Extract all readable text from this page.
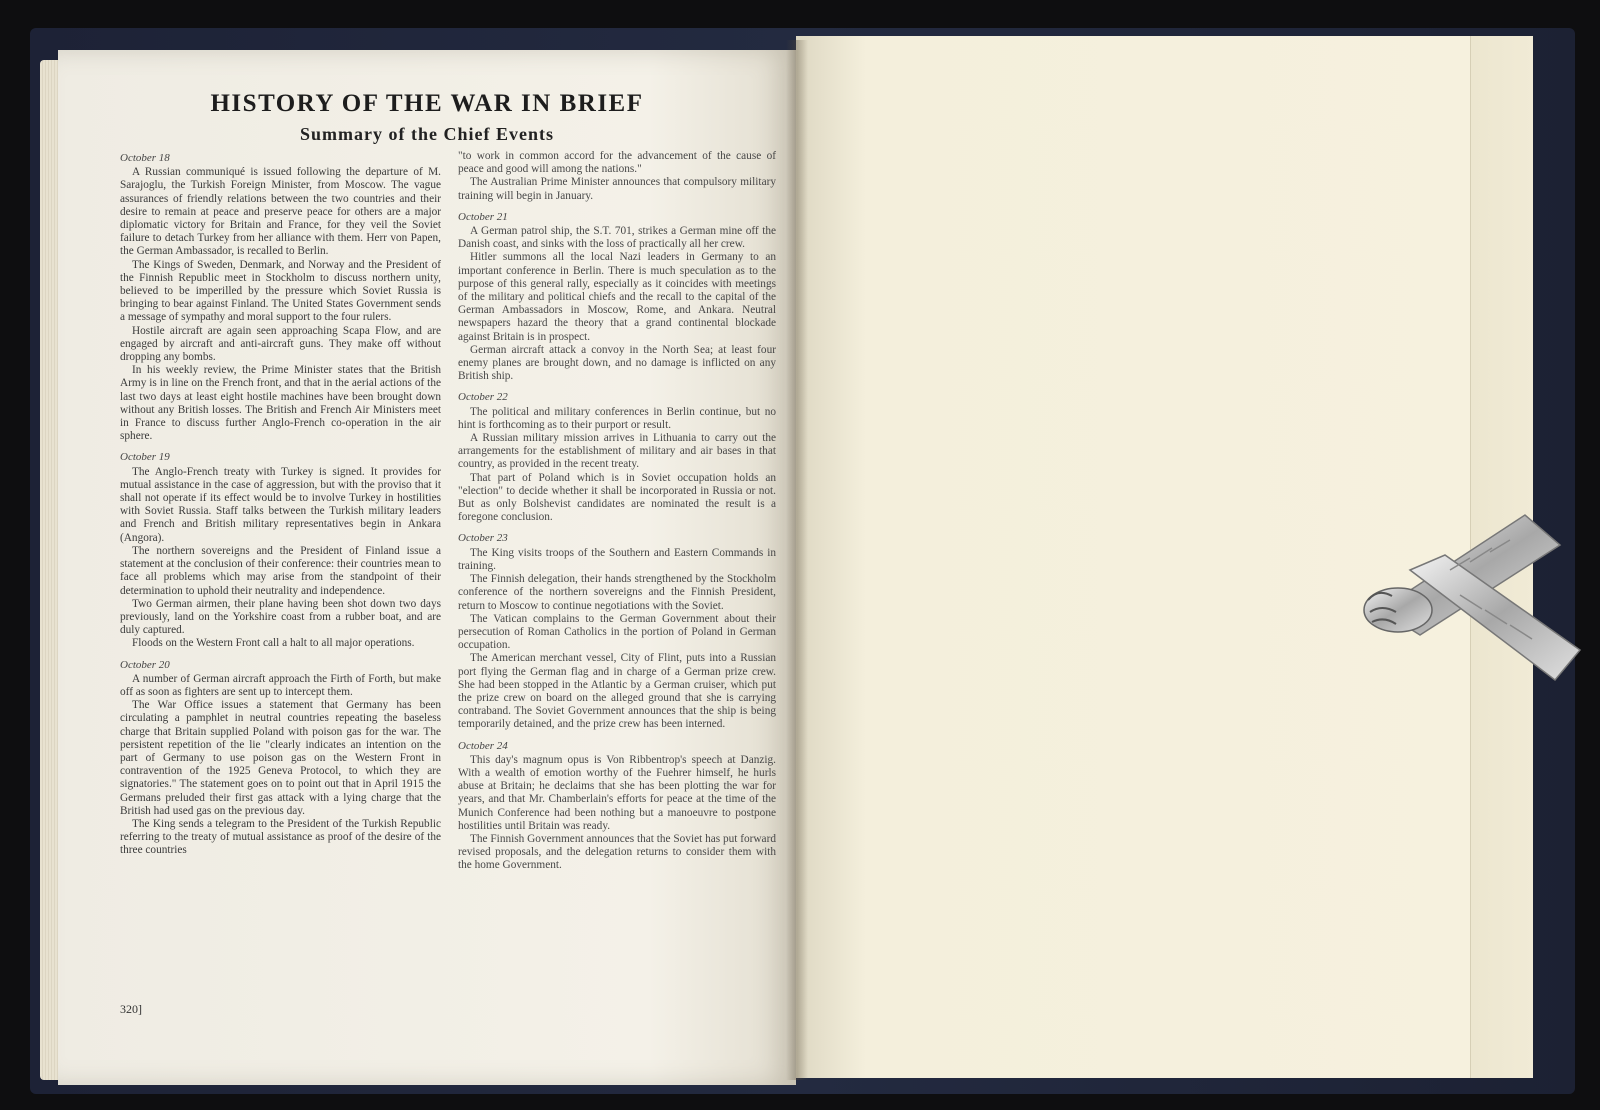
HISTORY OF THE WAR IN BRIEF
Summary of the Chief Events

October 18

A Russian communiqué is issued following the departure of M. Sarajoglu, the Turkish Foreign Minister, from Moscow. The vague assurances of friendly relations between the two countries and their desire to remain at peace and preserve peace for others are a major diplomatic victory for Britain and France, for they veil the Soviet failure to detach Turkey from her alliance with them. Herr von Papen, the German Ambassador, is recalled to Berlin.

The Kings of Sweden, Denmark, and Norway and the President of the Finnish Republic meet in Stockholm to discuss northern unity, believed to be imperilled by the pressure which Soviet Russia is bringing to bear against Finland. The United States Government sends a message of sympathy and moral support to the four rulers.

Hostile aircraft are again seen approaching Scapa Flow, and are engaged by aircraft and anti-aircraft guns. They make off without dropping any bombs.

In his weekly review, the Prime Minister states that the British Army is in line on the French front, and that in the aerial actions of the last two days at least eight hostile machines have been brought down without any British losses. The British and French Air Ministers meet in France to discuss further Anglo-French co-operation in the air sphere.

October 19

The Anglo-French treaty with Turkey is signed. It provides for mutual assistance in the case of aggression, but with the proviso that it shall not operate if its effect would be to involve Turkey in hostilities with Soviet Russia. Staff talks between the Turkish military leaders and French and British military representatives begin in Ankara (Angora).

The northern sovereigns and the President of Finland issue a statement at the conclusion of their conference: their countries mean to face all problems which may arise from the standpoint of their determination to uphold their neutrality and independence.

Two German airmen, their plane having been shot down two days previously, land on the Yorkshire coast from a rubber boat, and are duly captured.

Floods on the Western Front call a halt to all major operations.

October 20

A number of German aircraft approach the Firth of Forth, but make off as soon as fighters are sent up to intercept them.

The War Office issues a statement that Germany has been circulating a pamphlet in neutral countries repeating the baseless charge that Britain supplied Poland with poison gas for the war. The persistent repetition of the lie "clearly indicates an intention on the part of Germany to use poison gas on the Western Front in contravention of the 1925 Geneva Protocol, to which they are signatories." The statement goes on to point out that in April 1915 the Germans preluded their first gas attack with a lying charge that the British had used gas on the previous day.

The King sends a telegram to the President of the Turkish Republic referring to the treaty of mutual assistance as proof of the desire of the three countries

"to work in common accord for the advancement of the cause of peace and good will among the nations."

The Australian Prime Minister announces that compulsory military training will begin in January.

October 21

A German patrol ship, the S.T. 701, strikes a German mine off the Danish coast, and sinks with the loss of practically all her crew.

Hitler summons all the local Nazi leaders in Germany to an important conference in Berlin. There is much speculation as to the purpose of this general rally, especially as it coincides with meetings of the military and political chiefs and the recall to the capital of the German Ambassadors in Moscow, Rome, and Ankara. Neutral newspapers hazard the theory that a grand continental blockade against Britain is in prospect.

German aircraft attack a convoy in the North Sea; at least four enemy planes are brought down, and no damage is inflicted on any British ship.

October 22

The political and military conferences in Berlin continue, but no hint is forthcoming as to their purport or result.

A Russian military mission arrives in Lithuania to carry out the arrangements for the establishment of military and air bases in that country, as provided in the recent treaty.

That part of Poland which is in Soviet occupation holds an "election" to decide whether it shall be incorporated in Russia or not. But as only Bolshevist candidates are nominated the result is a foregone conclusion.

October 23

The King visits troops of the Southern and Eastern Commands in training.

The Finnish delegation, their hands strengthened by the Stockholm conference of the northern sovereigns and the Finnish President, return to Moscow to continue negotiations with the Soviet.

The Vatican complains to the German Government about their persecution of Roman Catholics in the portion of Poland in German occupation.

The American merchant vessel, City of Flint, puts into a Russian port flying the German flag and in charge of a German prize crew. She had been stopped in the Atlantic by a German cruiser, which put the prize crew on board on the alleged ground that she is carrying contraband. The Soviet Government announces that the ship is being temporarily detained, and the prize crew has been interned.

October 24

This day's magnum opus is Von Ribbentrop's speech at Danzig. With a wealth of emotion worthy of the Fuehrer himself, he hurls abuse at Britain; he declaims that she has been plotting the war for years, and that Mr. Chamberlain's efforts for peace at the time of the Munich Conference had been nothing but a manoeuvre to postpone hostilities until Britain was ready.

The Finnish Government announces that the Soviet has put forward revised proposals, and the delegation returns to consider them with the home Government.

320]
